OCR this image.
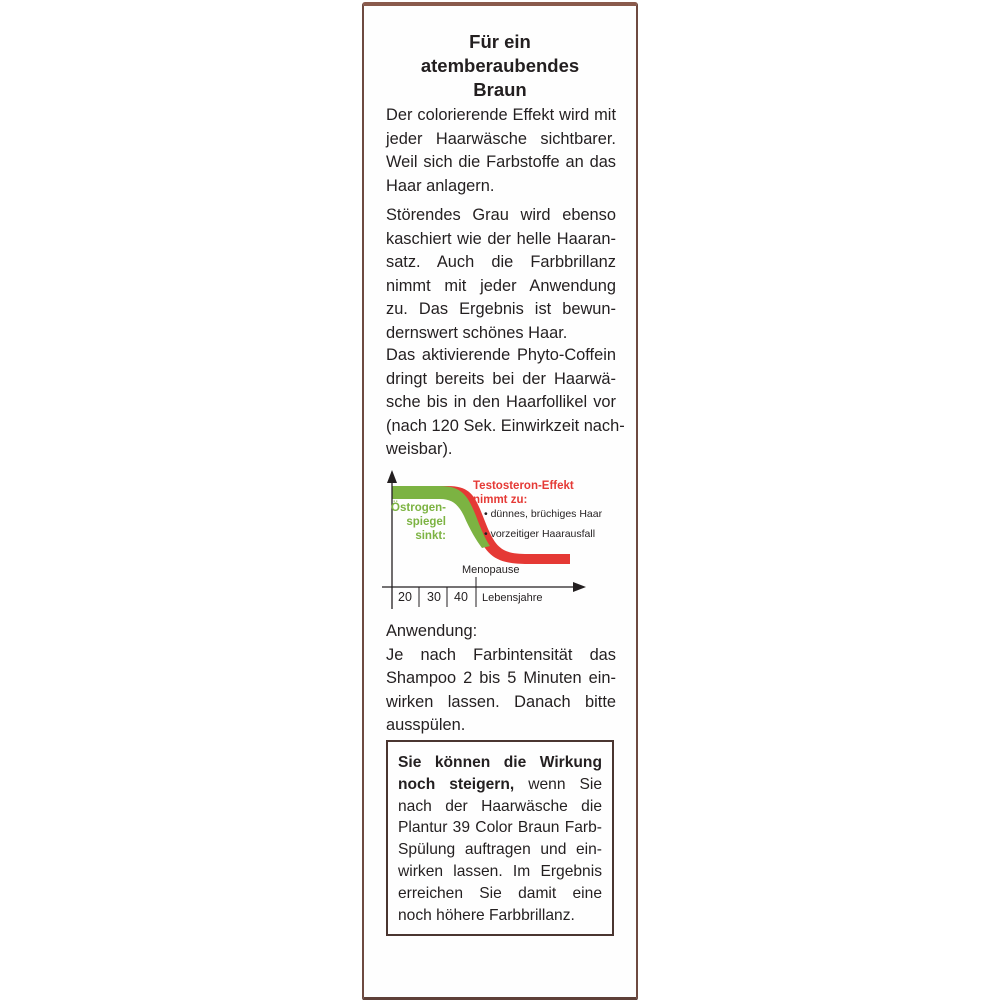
Für ein
atemberaubendes
Braun
Der colorierende Effekt wird mit
jeder Haarwäsche sichtbarer.
Weil sich die Farbstoffe an das
Haar anlagern.
Störendes Grau wird ebenso
kaschiert wie der helle Haaran-
satz. Auch die Farbbrillanz
nimmt mit jeder Anwendung
zu. Das Ergebnis ist bewun-
dernswert schönes Haar.
Das aktivierende Phyto-Coffein
dringt bereits bei der Haarwä-
sche bis in den Haarfollikel vor
(nach 120 Sek. Einwirkzeit nach-
weisbar).
Östrogen-
spiegel
sinkt:
Testosteron-Effekt
nimmt zu:
• dünnes, brüchiges Haar
• vorzeitiger Haarausfall
Menopause
20 30 40 Lebensjahre
Anwendung:
Je nach Farbintensität das
Shampoo 2 bis 5 Minuten ein-
wirken lassen. Danach bitte
ausspülen.
Sie können die Wirkung
noch steigern, wenn Sie
nach der Haarwäsche die
Plantur 39 Color Braun Farb-
Spülung auftragen und ein-
wirken lassen. Im Ergebnis
erreichen Sie damit eine
noch höhere Farbbrillanz.
